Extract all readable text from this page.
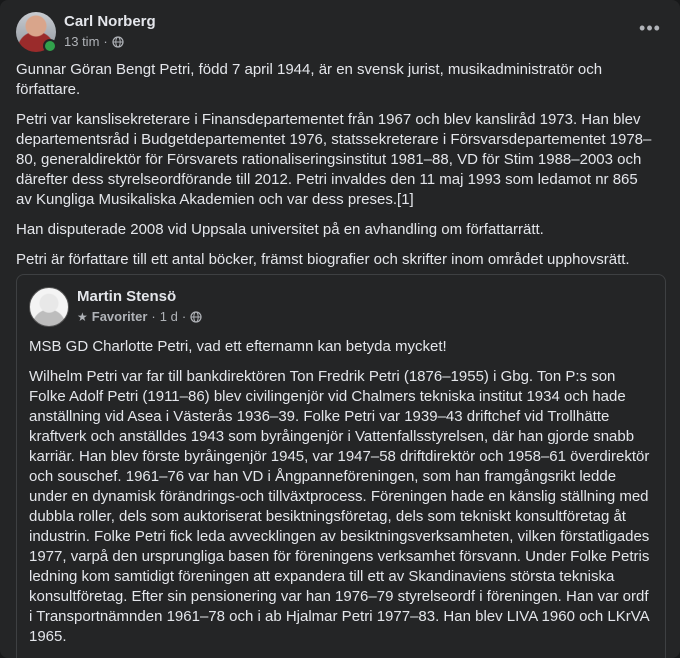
Carl Norberg
13 tim ·
•••

Gunnar Göran Bengt Petri, född 7 april 1944, är en svensk jurist, musikadministratör och författare.

Petri var kanslisekreterare i Finansdepartementet från 1967 och blev kanslіråd 1973. Han blev departementsråd i Budgetdepartementet 1976, statssekreterare i Försvarsdepartementet 1978–80, generaldirektör för Försvarets rationaliseringsinstitut 1981–88, VD för Stim 1988–2003 och därefter dess styrelseordförande till 2012. Petri invaldes den 11 maj 1993 som ledamot nr 865 av Kungliga Musikaliska Akademien och var dess preses.[1]

Han disputerade 2008 vid Uppsala universitet på en avhandling om författarrätt.

Petri är författare till ett antal böcker, främst biografier och skrifter inom området upphovsrätt.

Martin Stensö
★ Favoriter · 1 d ·

MSB GD Charlotte Petri, vad ett efternamn kan betyda mycket!

Wilhelm Petri var far till bankdirektören Ton Fredrik Petri (1876–1955) i Gbg. Ton P:s son Folke Adolf Petri (1911–86) blev civilingenjör vid Chalmers tekniska institut 1934 och hade anställning vid Asea i Västerås 1936–39. Folke Petri var 1939–43 driftchef vid Trollhätte kraftverk och anställdes 1943 som byråingenjör i Vattenfallsstyrelsen, där han gjorde snabb karriär. Han blev förste byråingenjör 1945, var 1947–58 driftdirektör och 1958–61 överdirektör och souschef. 1961–76 var han VD i Ångpanneföreningen, som han framgångsrikt ledde under en dynamisk förändrings-och tillväxtprocess. Föreningen hade en känslig ställning med dubbla roller, dels som auktoriserat besiktningsföretag, dels som tekniskt konsultföretag åt industrin. Folke Petri fick leda avvecklingen av besiktningsverksamheten, vilken förstatligades 1977, varpå den ursprungliga basen för föreningens verksamhet försvann. Under Folke Petris ledning kom samtidigt föreningen att expandera till ett av Skandinaviens största tekniska konsultföretag. Efter sin pensionering var han 1976–79 styrelseordf i föreningen. Han var ordf i Transportnämnden 1961–78 och i ab Hjalmar Petri 1977–83. Han blev LIVA 1960 och LKrVA 1965.
